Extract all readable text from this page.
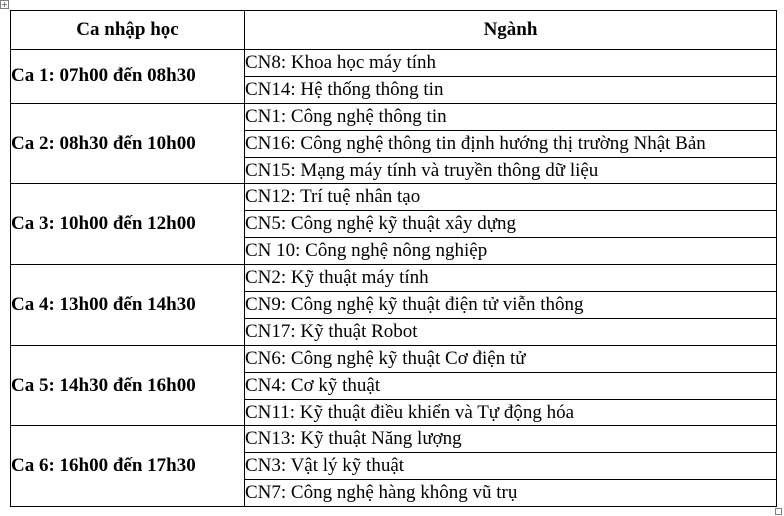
+
Ca nhập học	Ngành
Ca 1: 07h00 đến 08h30	CN8: Khoa học máy tính
	CN14: Hệ thống thông tin
Ca 2: 08h30 đến 10h00	CN1: Công nghệ thông tin
	CN16: Công nghệ thông tin định hướng thị trường Nhật Bản
	CN15: Mạng máy tính và truyền thông dữ liệu
Ca 3: 10h00 đến 12h00	CN12: Trí tuệ nhân tạo
	CN5: Công nghệ kỹ thuật xây dựng
	CN 10: Công nghệ nông nghiệp
Ca 4: 13h00 đến 14h30	CN2: Kỹ thuật máy tính
	CN9: Công nghệ kỹ thuật điện tử viễn thông
	CN17: Kỹ thuật Robot
Ca 5: 14h30 đến 16h00	CN6: Công nghệ kỹ thuật Cơ điện tử
	CN4: Cơ kỹ thuật
	CN11: Kỹ thuật điều khiển và Tự động hóa
Ca 6: 16h00 đến 17h30	CN13: Kỹ thuật Năng lượng
	CN3: Vật lý kỹ thuật
	CN7: Công nghệ hàng không vũ trụ
